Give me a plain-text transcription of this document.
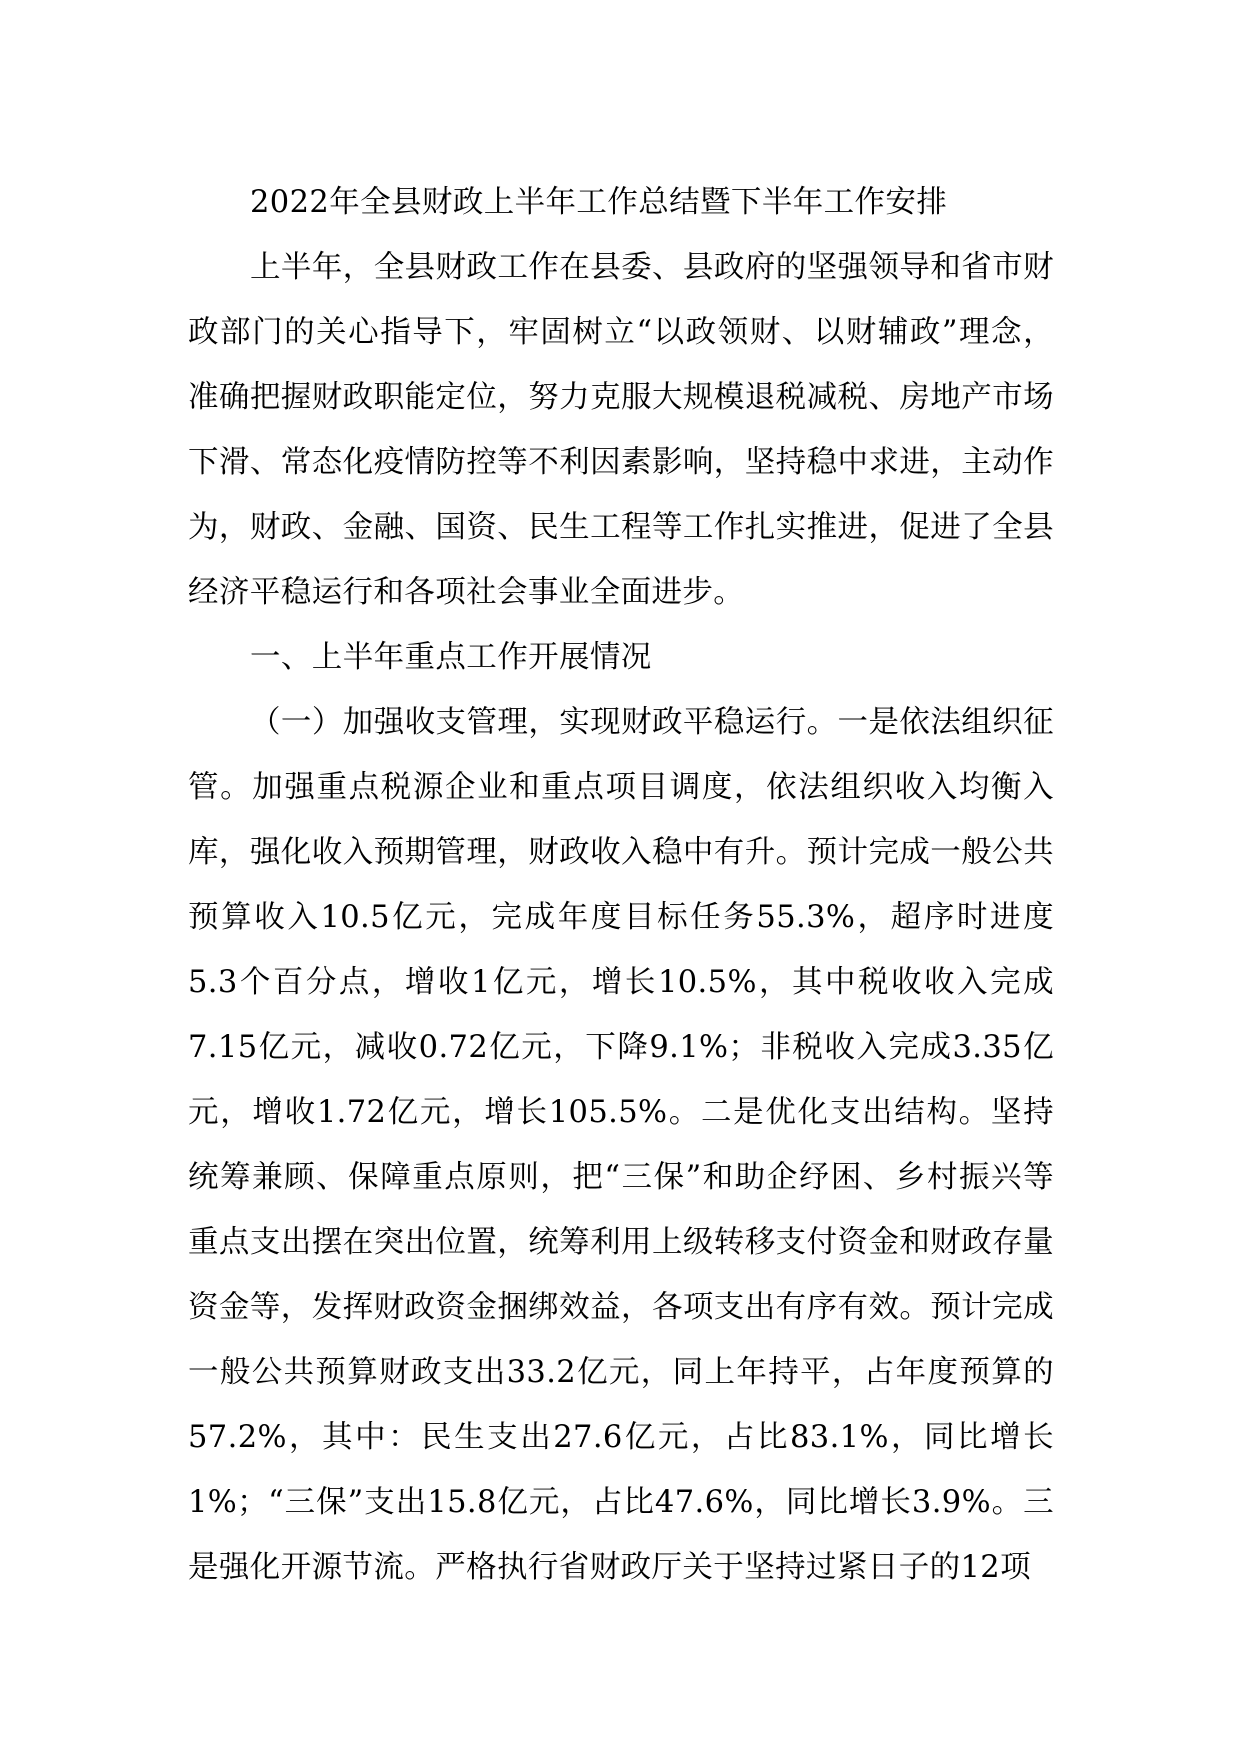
2022年全县财政上半年工作总结暨下半年工作安排

上半年，全县财政工作在县委、县政府的坚强领导和省市财政部门的关心指导下，牢固树立“以政领财、以财辅政”理念，准确把握财政职能定位，努力克服大规模退税减税、房地产市场下滑、常态化疫情防控等不利因素影响，坚持稳中求进，主动作为，财政、金融、国资、民生工程等工作扎实推进，促进了全县经济平稳运行和各项社会事业全面进步。

一、上半年重点工作开展情况

（一）加强收支管理，实现财政平稳运行。一是依法组织征管。加强重点税源企业和重点项目调度，依法组织收入均衡入库，强化收入预期管理，财政收入稳中有升。预计完成一般公共预算收入10.5亿元，完成年度目标任务55.3%，超序时进度5.3个百分点，增收1亿元，增长10.5%，其中税收收入完成7.15亿元，减收0.72亿元，下降9.1%；非税收入完成3.35亿元，增收1.72亿元，增长105.5%。二是优化支出结构。坚持统筹兼顾、保障重点原则，把“三保”和助企纾困、乡村振兴等重点支出摆在突出位置，统筹利用上级转移支付资金和财政存量资金等，发挥财政资金捆绑效益，各项支出有序有效。预计完成一般公共预算财政支出33.2亿元，同上年持平，占年度预算的57.2%，其中：民生支出27.6亿元，占比83.1%，同比增长1%；“三保”支出15.8亿元，占比47.6%，同比增长3.9%。三是强化开源节流。严格执行省财政厅关于坚持过紧日子的12项
